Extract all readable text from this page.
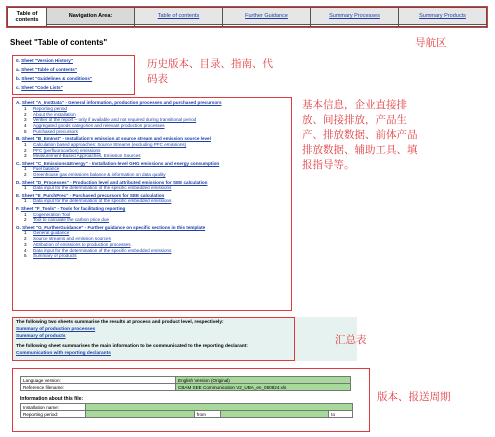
Table of contents	Navigation Area:	Table of contents	Further Guidance	Summary Processes	Summary Products

导航区
Sheet "Table of contents"
0. Sheet "Version History"
a. Sheet "Table of contents"
b. Sheet "Guidelines & conditions"
c. Sheet "Code Lists"
历史版本、目录、指南、代码表
A. Sheet "A_InstData" - General information, production processes and purchased precursors
1 Reporting period
2 About the installation
3 Verifier of the report – only if available and not required during transitional period
4 Aggregated goods categories and relevant production processes
5 Purchased precursors
B. Sheet "B_EmInst" - Installation's emission at source stream and emission source level
1 Calculation based approaches: Source Streams (excluding PFC emissions)
2 PFC (perfluorocarbon) emissions
3 Measurement-Based Approaches, Emission Sources
C. Sheet "C_Emissions&Energy" - Installation-level GHG emissions and energy consumption
1 Fuel balance
2 Greenhouse gas emissions balance & information on data quality
D. Sheet "D_Processes" - Production level and attributed emissions for SEE calculation
1 Data input for the determination of the specific embedded emissions
E. Sheet "E_PurchPrec" - Purchased precursors for SEE calculation
1 Data input for the determination of the specific embedded emissions
F. Sheet "F_Tools" - Tools for facilitating reporting
1 Cogeneration Tool
2 Tool to calculate the carbon price due
G. Sheet "G_FurtherGuidance" - Further guidance on specific sections in this template
1 General guidance
2 Source streams and emission sources
3 Attribution of emissions to production processes
4 Data input for the determination of the specific embedded emissions
5 Summary of products
基本信息，企业直接排放、间接排放，产品生产、排放数据、前体产品排放数据、辅助工具、填报指导等。
The following two sheets summarise the results at process and product level, respectively:
Summary of production processes
Summary of products
The following sheet summarises the main information to be communicated to the reporting declarant:
Communication with reporting declarants
汇总表
Language version:	English Version (Original)
Reference filename:	CBAM SEE Communication V2_UBA_en_050824.xls
Information about this file:
Installation name:				
Reporting period:		from		to
版本、报送周期
